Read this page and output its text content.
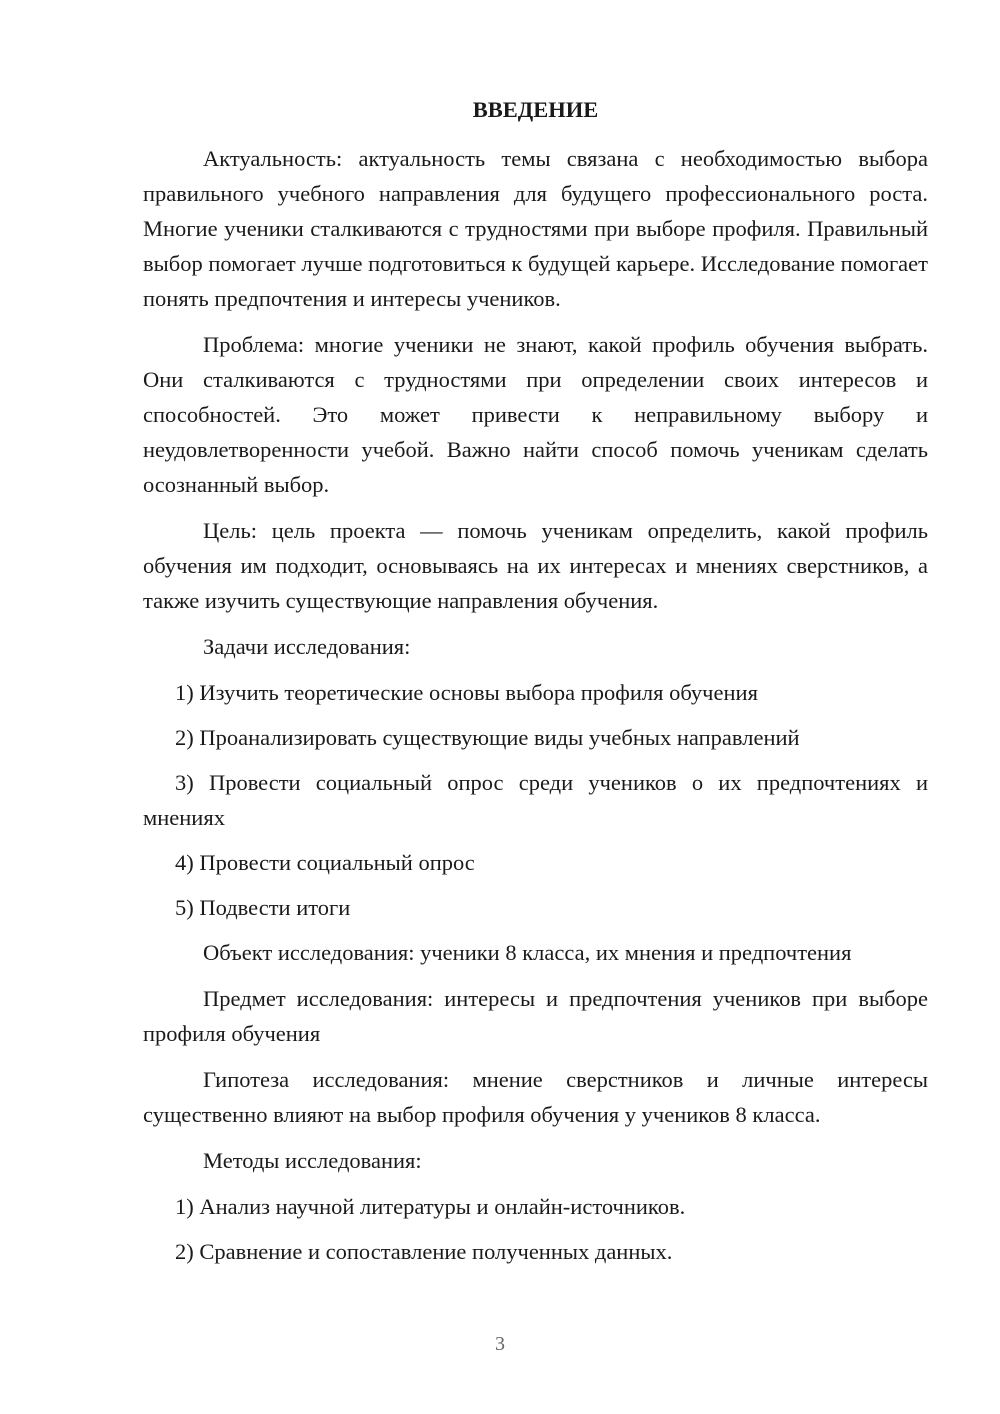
ВВЕДЕНИЕ

Актуальность: актуальность темы связана с необходимостью выбора правильного учебного направления для будущего профессионального роста. Многие ученики сталкиваются с трудностями при выборе профиля. Правильный выбор помогает лучше подготовиться к будущей карьере. Исследование помогает понять предпочтения и интересы учеников.

Проблема: многие ученики не знают, какой профиль обучения выбрать. Они сталкиваются с трудностями при определении своих интересов и способностей. Это может привести к неправильному выбору и неудовлетворенности учебой. Важно найти способ помочь ученикам сделать осознанный выбор.

Цель: цель проекта — помочь ученикам определить, какой профиль обучения им подходит, основываясь на их интересах и мнениях сверстников, а также изучить существующие направления обучения.

Задачи исследования:

1) Изучить теоретические основы выбора профиля обучения

2) Проанализировать существующие виды учебных направлений

3) Провести социальный опрос среди учеников о их предпочтениях и мнениях

4) Провести социальный опрос

5) Подвести итоги

Объект исследования: ученики 8 класса, их мнения и предпочтения

Предмет исследования: интересы и предпочтения учеников при выборе профиля обучения

Гипотеза исследования: мнение сверстников и личные интересы существенно влияют на выбор профиля обучения у учеников 8 класса.

Методы исследования:

1) Анализ научной литературы и онлайн-источников.

2) Сравнение и сопоставление полученных данных.

3
